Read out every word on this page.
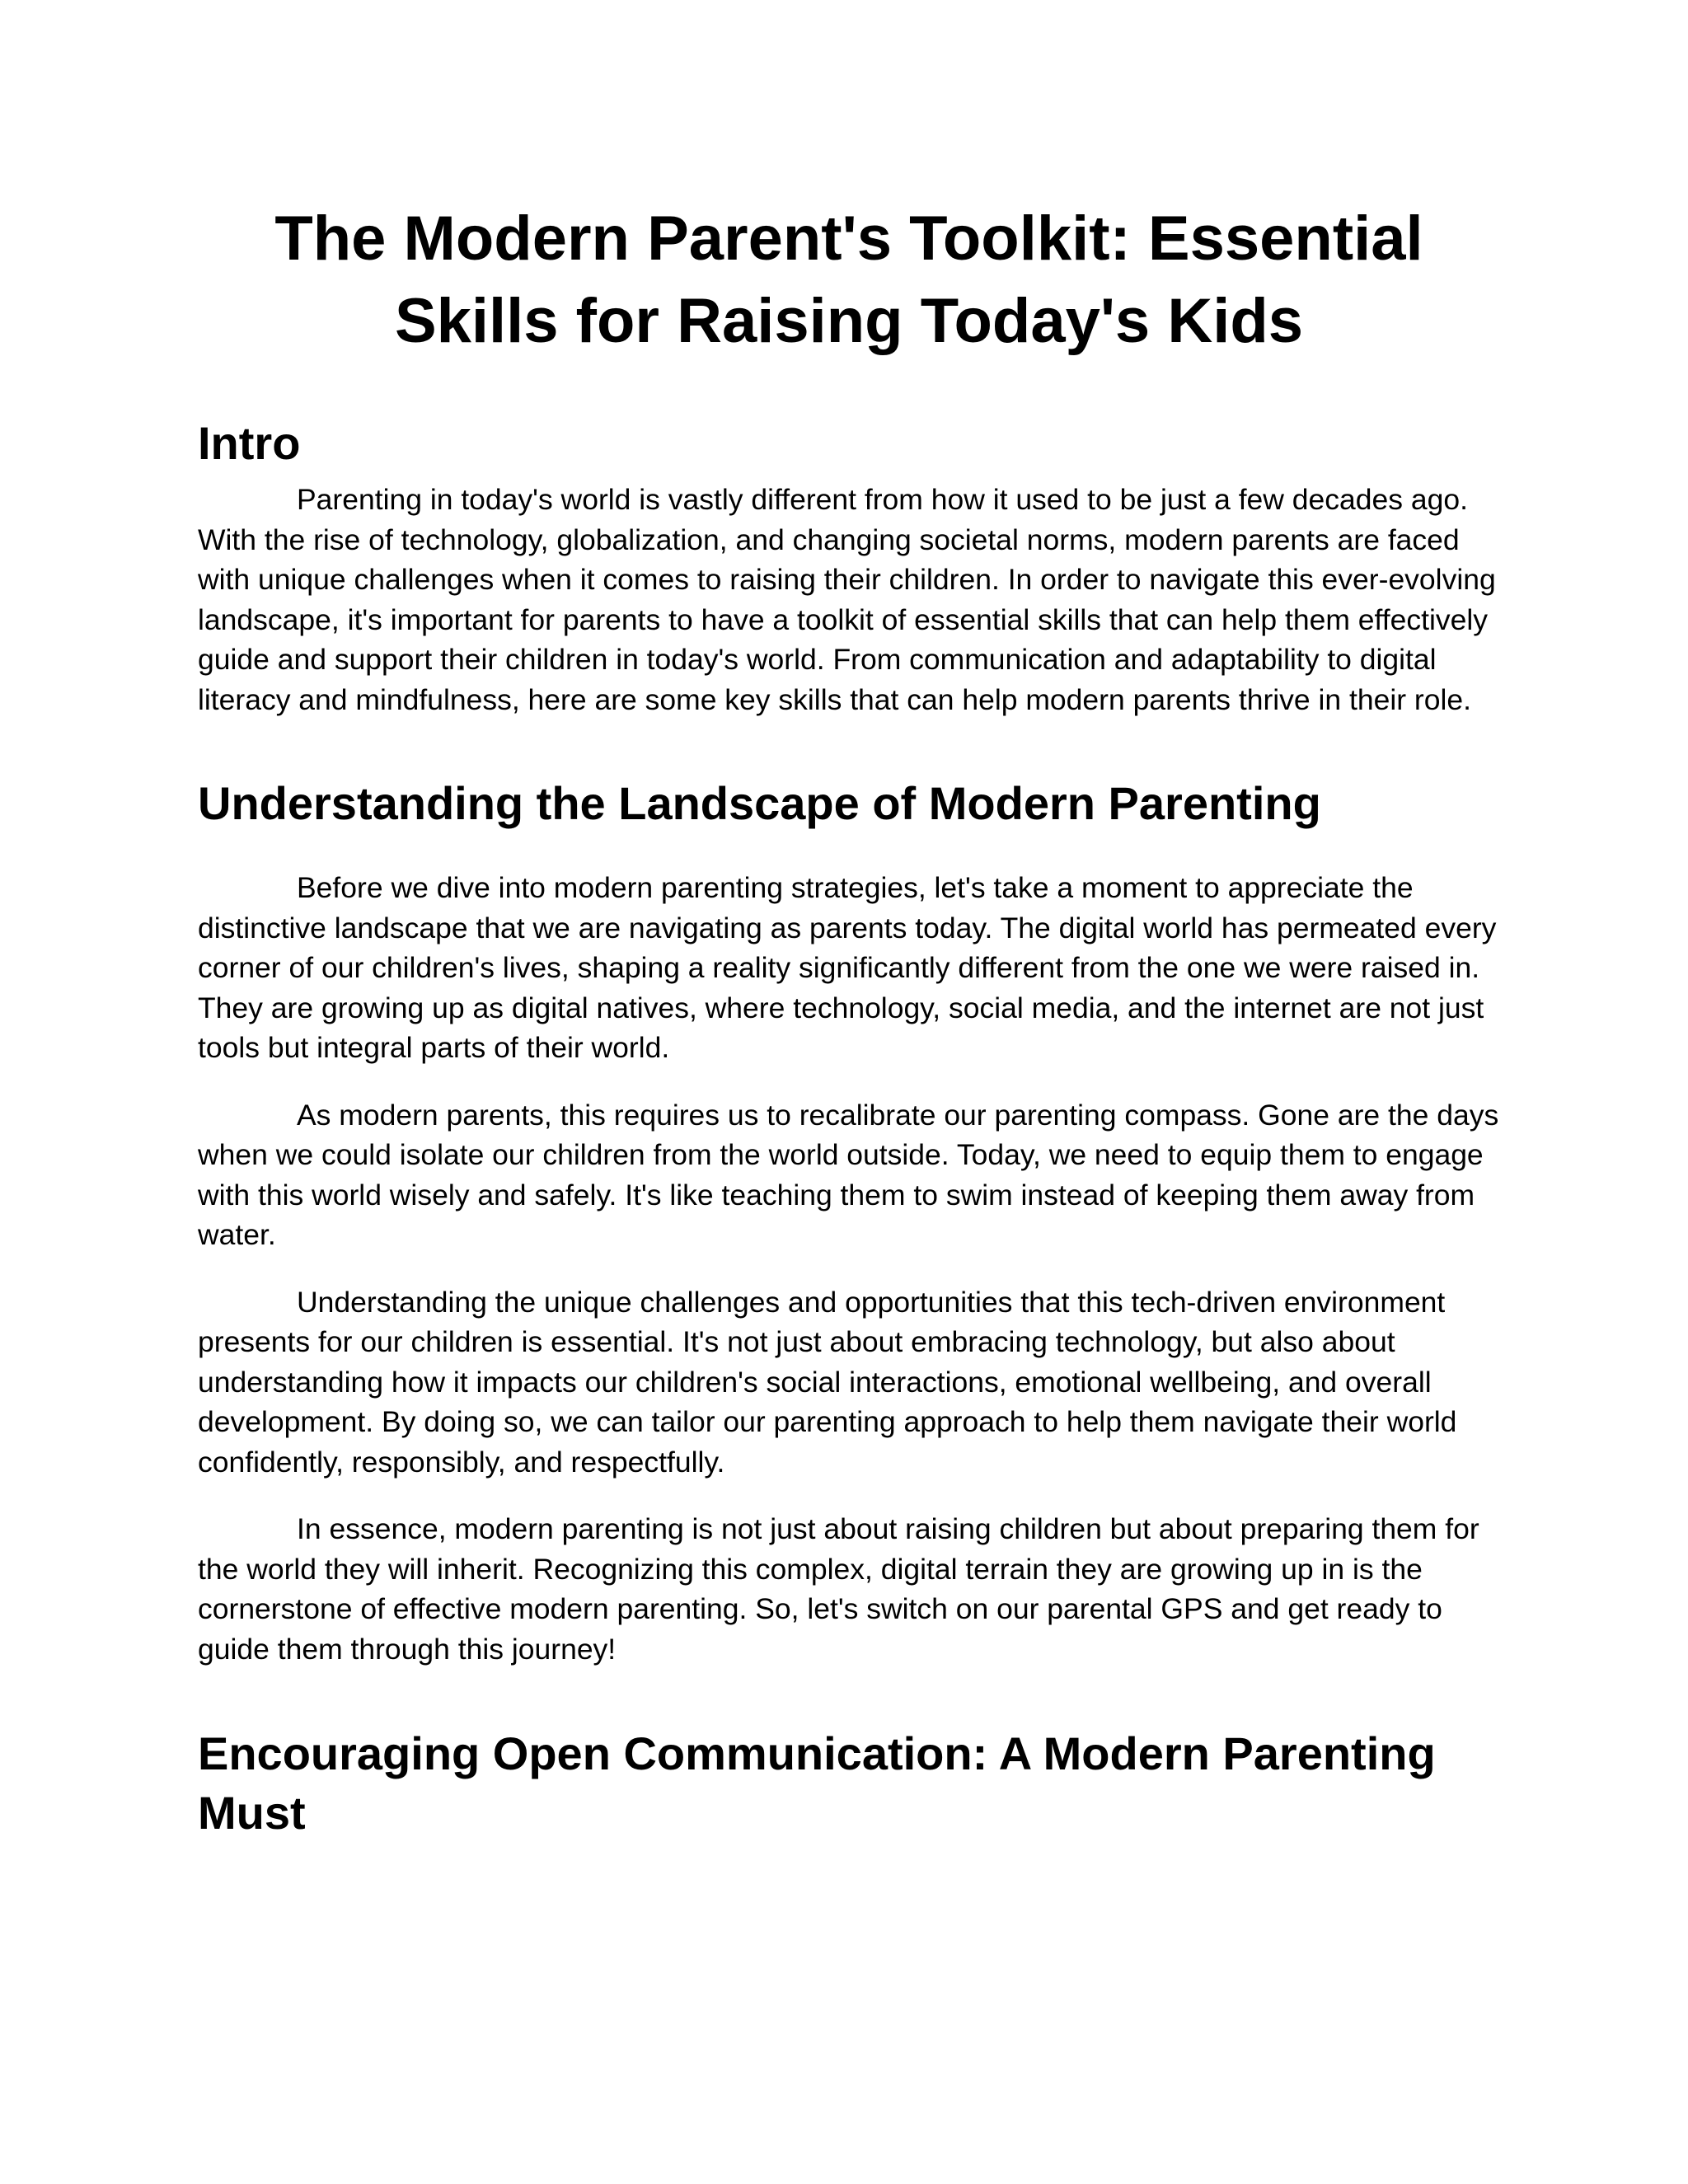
The Modern Parent's Toolkit: Essential Skills for Raising Today's Kids
Intro

Parenting in today's world is vastly different from how it used to be just a few decades ago. With the rise of technology, globalization, and changing societal norms, modern parents are faced with unique challenges when it comes to raising their children. In order to navigate this ever-evolving landscape, it's important for parents to have a toolkit of essential skills that can help them effectively guide and support their children in today's world. From communication and adaptability to digital literacy and mindfulness, here are some key skills that can help modern parents thrive in their role.

Understanding the Landscape of Modern Parenting

Before we dive into modern parenting strategies, let's take a moment to appreciate the distinctive landscape that we are navigating as parents today. The digital world has permeated every corner of our children's lives, shaping a reality significantly different from the one we were raised in. They are growing up as digital natives, where technology, social media, and the internet are not just tools but integral parts of their world.

As modern parents, this requires us to recalibrate our parenting compass. Gone are the days when we could isolate our children from the world outside. Today, we need to equip them to engage with this world wisely and safely. It's like teaching them to swim instead of keeping them away from water.

Understanding the unique challenges and opportunities that this tech-driven environment presents for our children is essential. It's not just about embracing technology, but also about understanding how it impacts our children's social interactions, emotional wellbeing, and overall development. By doing so, we can tailor our parenting approach to help them navigate their world confidently, responsibly, and respectfully.

In essence, modern parenting is not just about raising children but about preparing them for the world they will inherit. Recognizing this complex, digital terrain they are growing up in is the cornerstone of effective modern parenting. So, let's switch on our parental GPS and get ready to guide them through this journey!

Encouraging Open Communication: A Modern Parenting Must
